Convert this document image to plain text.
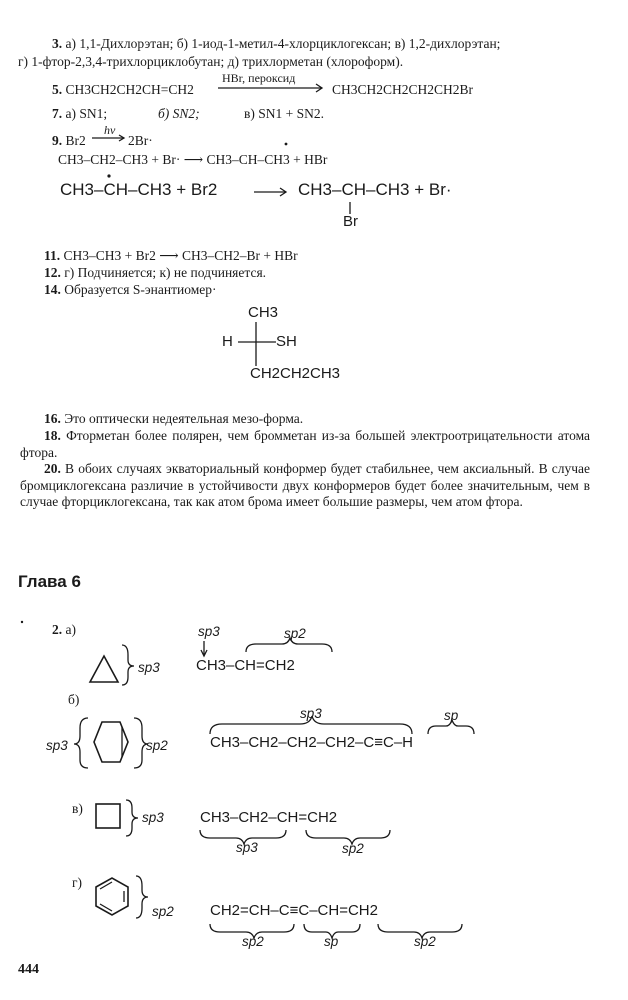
3. а) 1,1-Дихлорэтан; б) 1-иод-1-метил-4-хлорциклогексан; в) 1,2-дихлорэтан;
г) 1-фтор-2,3,4-трихлорциклобутан; д) трихлорметан (хлороформ).
5. CH3CH2CH2CH=CH2
HBr, пероксид
CH3CH2CH2CH2CH2Br
7. а) SN1;	б) SN2;	в) SN1 + SN2.
9. Br2
hν
2Br·
CH3–CH2–CH3 + Br· ⟶ CH3–CH–CH3 + HBr
CH3–CH–CH3 + Br2	CH3–CH–CH3 + Br·
Br
11. CH3–CH3 + Br2 ⟶ CH3–CH2–Br + HBr
12. г) Подчиняется; к) не подчиняется.
14. Образуется S-энантиомер·
CH3
H	SH
CH2CH2CH3
16. Это оптически недеятельная мезо-форма.
18. Фторметан более полярен, чем бромметан из-за большей электроотрицательности атома фтора.
20. В обоих случаях экваториальный конформер будет стабильнее, чем аксиальный. В случае бромциклогексана различие в устойчивости двух конформеров будет более значительным, чем в случае фторциклогексана, так как атом брома имеет большие размеры, чем атом фтора.
Глава 6
2. а)
б)
в)
г)
sp3
sp3	sp2
CH3–CH=CH2
sp3	sp2
sp3	sp
CH3–CH2–CH2–CH2–C≡C–H
sp3 CH3–CH2–CH=CH2
sp3	sp2
sp2 CH2=CH–C≡C–CH=CH2
sp2	sp	sp2
444
